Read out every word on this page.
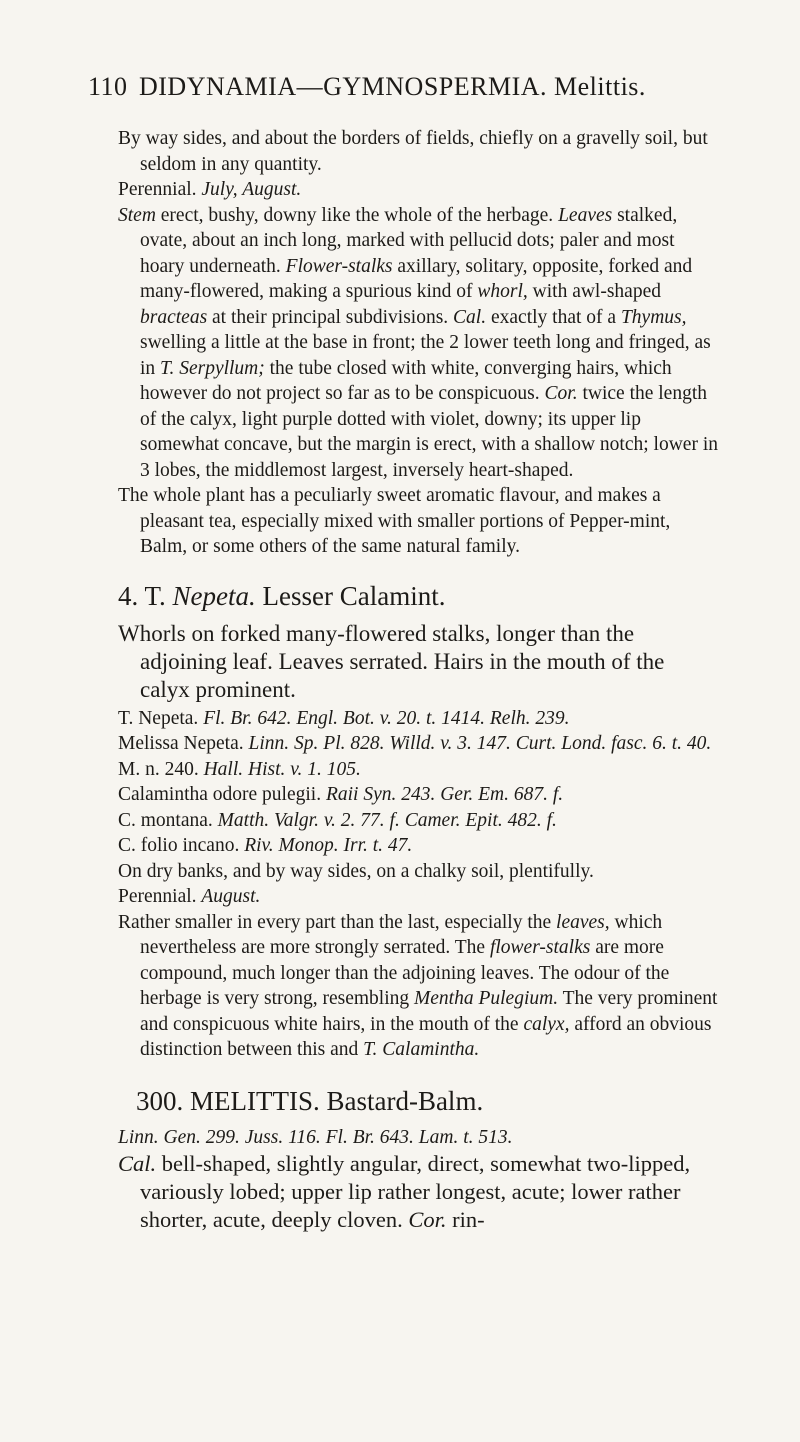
110 DIDYNAMIA—GYMNOSPERMIA. Melittis.

By way sides, and about the borders of fields, chiefly on a gravelly soil, but seldom in any quantity.

Perennial. July, August.

Stem erect, bushy, downy like the whole of the herbage. Leaves stalked, ovate, about an inch long, marked with pellucid dots; paler and most hoary underneath. Flower-stalks axillary, solitary, opposite, forked and many-flowered, making a spurious kind of whorl, with awl-shaped bracteas at their principal subdivisions. Cal. exactly that of a Thymus, swelling a little at the base in front; the 2 lower teeth long and fringed, as in T. Serpyllum; the tube closed with white, converging hairs, which however do not project so far as to be conspicuous. Cor. twice the length of the calyx, light purple dotted with violet, downy; its upper lip somewhat concave, but the margin is erect, with a shallow notch; lower in 3 lobes, the middlemost largest, inversely heart-shaped.

The whole plant has a peculiarly sweet aromatic flavour, and makes a pleasant tea, especially mixed with smaller portions of Pepper-mint, Balm, or some others of the same natural family.

4. T. Nepeta. Lesser Calamint.

Whorls on forked many-flowered stalks, longer than the adjoining leaf. Leaves serrated. Hairs in the mouth of the calyx prominent.

T. Nepeta. Fl. Br. 642. Engl. Bot. v. 20. t. 1414. Relh. 239.

Melissa Nepeta. Linn. Sp. Pl. 828. Willd. v. 3. 147. Curt. Lond. fasc. 6. t. 40.

M. n. 240. Hall. Hist. v. 1. 105.

Calamintha odore pulegii. Raii Syn. 243. Ger. Em. 687. f.

C. montana. Matth. Valgr. v. 2. 77. f. Camer. Epit. 482. f.

C. folio incano. Riv. Monop. Irr. t. 47.

On dry banks, and by way sides, on a chalky soil, plentifully.

Perennial. August.

Rather smaller in every part than the last, especially the leaves, which nevertheless are more strongly serrated. The flower-stalks are more compound, much longer than the adjoining leaves. The odour of the herbage is very strong, resembling Mentha Pulegium. The very prominent and conspicuous white hairs, in the mouth of the calyx, afford an obvious distinction between this and T. Calamintha.

300. MELITTIS. Bastard-Balm.

Linn. Gen. 299. Juss. 116. Fl. Br. 643. Lam. t. 513.

Cal. bell-shaped, slightly angular, direct, somewhat two-lipped, variously lobed; upper lip rather longest, acute; lower rather shorter, acute, deeply cloven. Cor. rin-
